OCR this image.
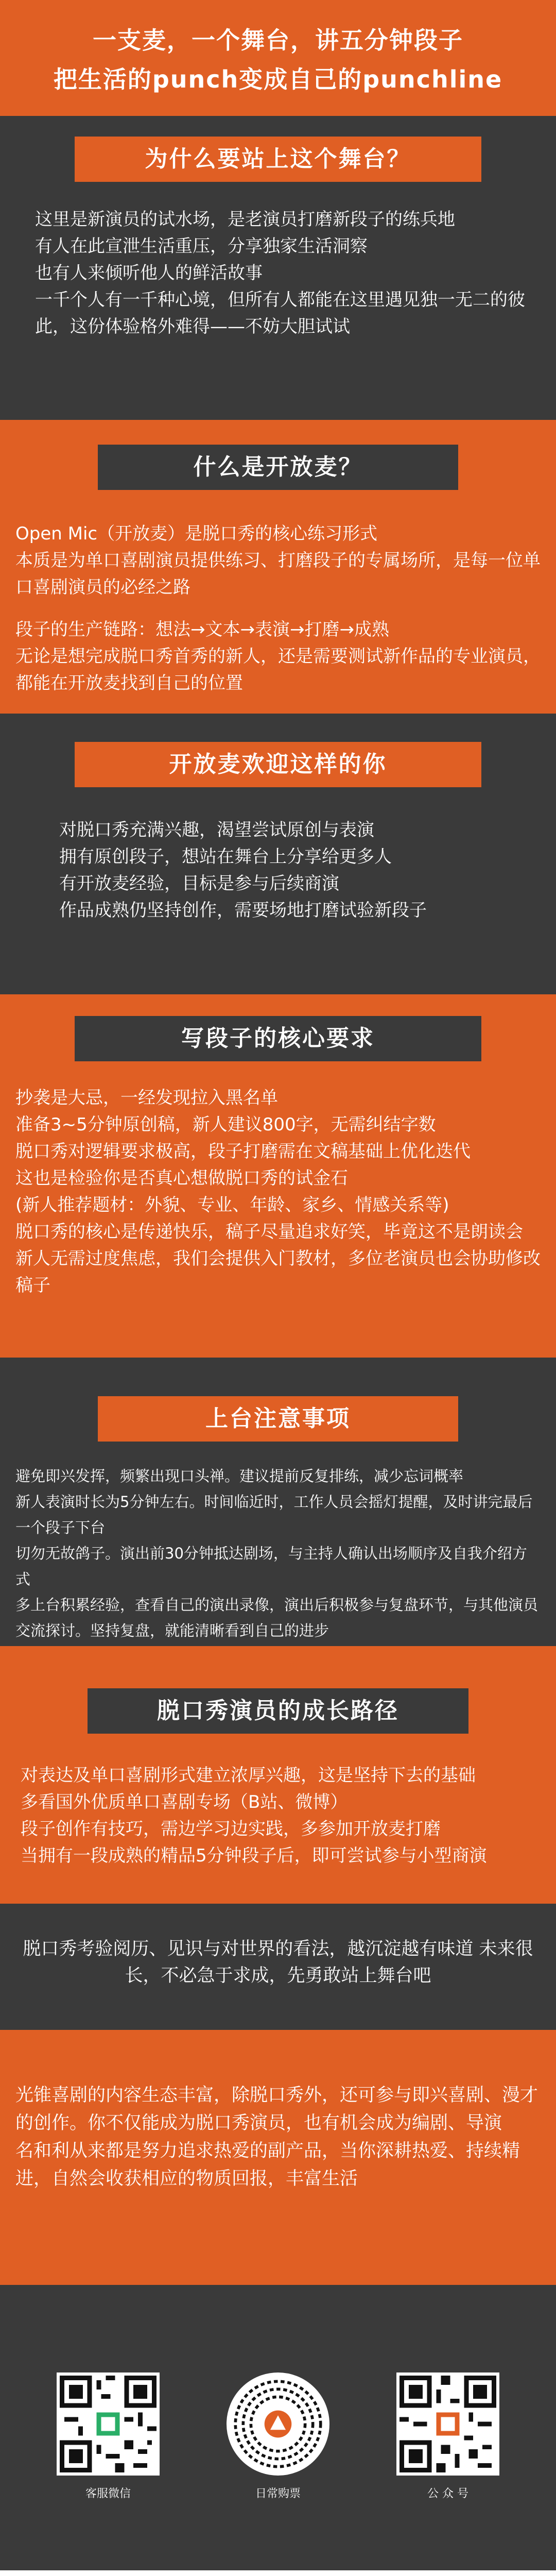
一支麦，一个舞台，讲五分钟段子
把生活的punch变成自己的punchline
为什么要站上这个舞台？

这里是新演员的试水场，是老演员打磨新段子的练兵地

有人在此宣泄生活重压，分享独家生活洞察

也有人来倾听他人的鲜活故事

一千个人有一千种心境，但所有人都能在这里遇见独一无二的彼此，这份体验格外难得——不妨大胆试试

什么是开放麦？

Open Mic（开放麦）是脱口秀的核心练习形式

本质是为单口喜剧演员提供练习、打磨段子的专属场所，是每一位单口喜剧演员的必经之路

段子的生产链路：想法→文本→表演→打磨→成熟

无论是想完成脱口秀首秀的新人，还是需要测试新作品的专业演员，都能在开放麦找到自己的位置

开放麦欢迎这样的你

对脱口秀充满兴趣，渴望尝试原创与表演

拥有原创段子，想站在舞台上分享给更多人

有开放麦经验，目标是参与后续商演

作品成熟仍坚持创作，需要场地打磨试验新段子

写段子的核心要求

抄袭是大忌，一经发现拉入黑名单

准备3~5分钟原创稿，新人建议800字，无需纠结字数

脱口秀对逻辑要求极高，段子打磨需在文稿基础上优化迭代

这也是检验你是否真心想做脱口秀的试金石

(新人推荐题材：外貌、专业、年龄、家乡、情感关系等)

脱口秀的核心是传递快乐，稿子尽量追求好笑，毕竟这不是朗读会

新人无需过度焦虑，我们会提供入门教材，多位老演员也会协助修改稿子

上台注意事项

避免即兴发挥，频繁出现口头禅。建议提前反复排练，减少忘词概率

新人表演时长为5分钟左右。时间临近时，工作人员会摇灯提醒，及时讲完最后一个段子下台

切勿无故鸽子。演出前30分钟抵达剧场，与主持人确认出场顺序及自我介绍方式

多上台积累经验，查看自己的演出录像，演出后积极参与复盘环节，与其他演员交流探讨。坚持复盘，就能清晰看到自己的进步

脱口秀演员的成长路径

对表达及单口喜剧形式建立浓厚兴趣，这是坚持下去的基础

多看国外优质单口喜剧专场（B站、微博）

段子创作有技巧，需边学习边实践，多参加开放麦打磨

当拥有一段成熟的精品5分钟段子后，即可尝试参与小型商演

脱口秀考验阅历、见识与对世界的看法，越沉淀越有味道 未来很长，不必急于求成，先勇敢站上舞台吧

光锥喜剧的内容生态丰富，除脱口秀外，还可参与即兴喜剧、漫才的创作。你不仅能成为脱口秀演员，也有机会成为编剧、导演

名和利从来都是努力追求热爱的副产品，当你深耕热爱、持续精进，自然会收获相应的物质回报，丰富生活

客服微信	日常购票	公 众 号
